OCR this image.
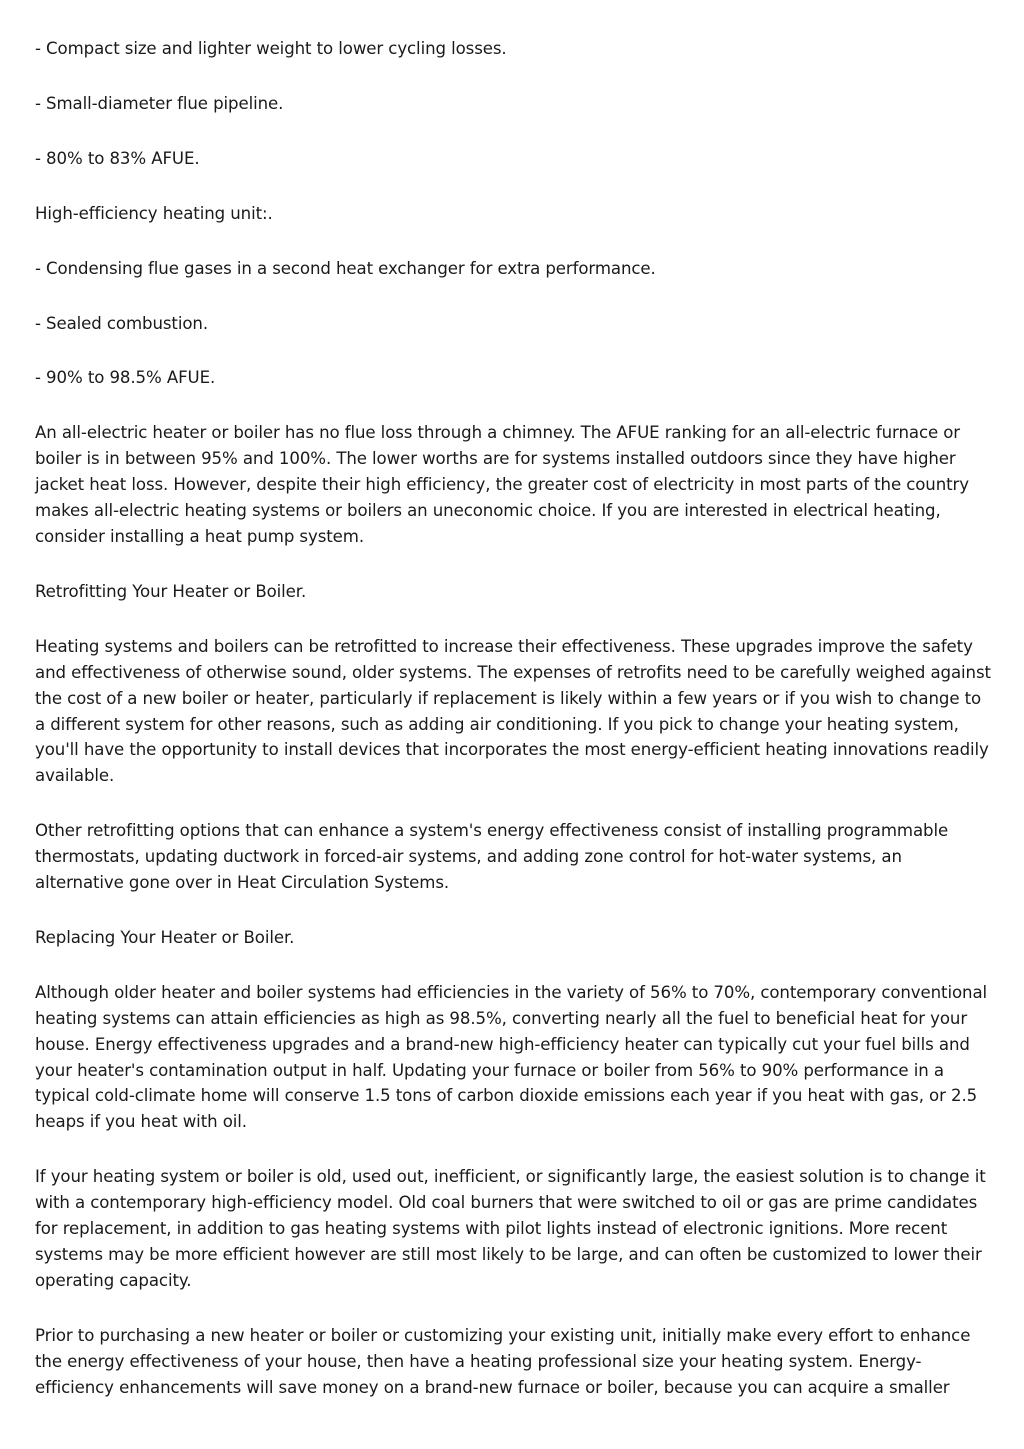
- Compact size and lighter weight to lower cycling losses.

- Small-diameter flue pipeline.

- 80% to 83% AFUE.

High-efficiency heating unit:.

- Condensing flue gases in a second heat exchanger for extra performance.

- Sealed combustion.

- 90% to 98.5% AFUE.

An all-electric heater or boiler has no flue loss through a chimney. The AFUE ranking for an all-electric furnace or boiler is in between 95% and 100%. The lower worths are for systems installed outdoors since they have higher jacket heat loss. However, despite their high efficiency, the greater cost of electricity in most parts of the country makes all-electric heating systems or boilers an uneconomic choice. If you are interested in electrical heating, consider installing a heat pump system.

Retrofitting Your Heater or Boiler.

Heating systems and boilers can be retrofitted to increase their effectiveness. These upgrades improve the safety and effectiveness of otherwise sound, older systems. The expenses of retrofits need to be carefully weighed against the cost of a new boiler or heater, particularly if replacement is likely within a few years or if you wish to change to a different system for other reasons, such as adding air conditioning. If you pick to change your heating system, you'll have the opportunity to install devices that incorporates the most energy-efficient heating innovations readily available.

Other retrofitting options that can enhance a system's energy effectiveness consist of installing programmable thermostats, updating ductwork in forced-air systems, and adding zone control for hot-water systems, an alternative gone over in Heat Circulation Systems.

Replacing Your Heater or Boiler.

Although older heater and boiler systems had efficiencies in the variety of 56% to 70%, contemporary conventional heating systems can attain efficiencies as high as 98.5%, converting nearly all the fuel to beneficial heat for your house. Energy effectiveness upgrades and a brand-new high-efficiency heater can typically cut your fuel bills and your heater's contamination output in half. Updating your furnace or boiler from 56% to 90% performance in a typical cold-climate home will conserve 1.5 tons of carbon dioxide emissions each year if you heat with gas, or 2.5 heaps if you heat with oil.

If your heating system or boiler is old, used out, inefficient, or significantly large, the easiest solution is to change it with a contemporary high-efficiency model. Old coal burners that were switched to oil or gas are prime candidates for replacement, in addition to gas heating systems with pilot lights instead of electronic ignitions. More recent systems may be more efficient however are still most likely to be large, and can often be customized to lower their operating capacity.

Prior to purchasing a new heater or boiler or customizing your existing unit, initially make every effort to enhance the energy effectiveness of your house, then have a heating professional size your heating system. Energy-efficiency enhancements will save money on a brand-new furnace or boiler, because you can acquire a smaller
